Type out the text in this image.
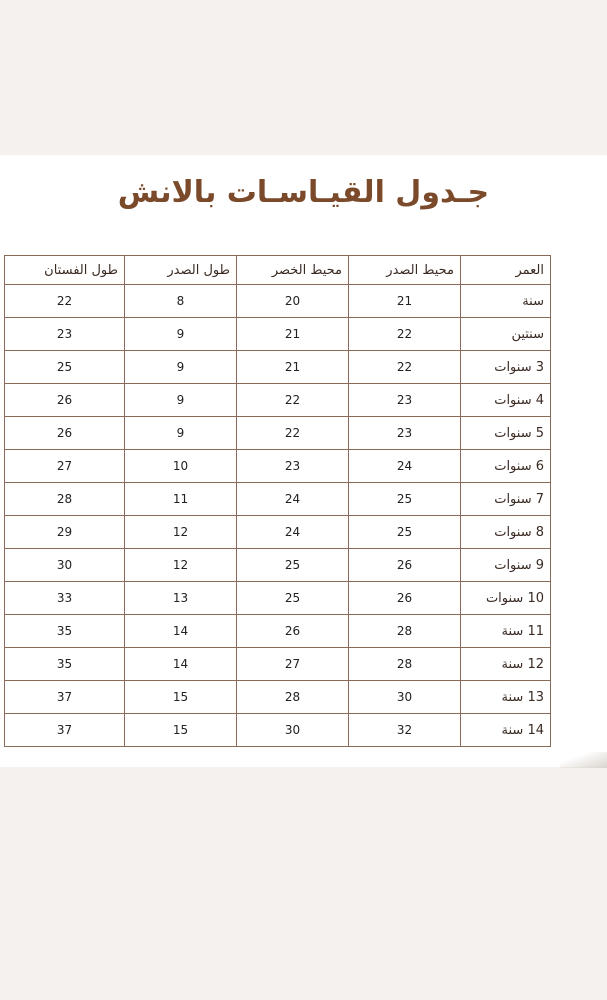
جـدول القيـاسـات بالانش
العمر	محيط الصدر	محيط الخصر	طول الصدر	طول الفستان
سنة	21	20	8	22
سنتين	22	21	9	23
3 سنوات	22	21	9	25
4 سنوات	23	22	9	26
5 سنوات	23	22	9	26
6 سنوات	24	23	10	27
7 سنوات	25	24	11	28
8 سنوات	25	24	12	29
9 سنوات	26	25	12	30
10 سنوات	26	25	13	33
11 سنة	28	26	14	35
12 سنة	28	27	14	35
13 سنة	30	28	15	37
14 سنة	32	30	15	37
